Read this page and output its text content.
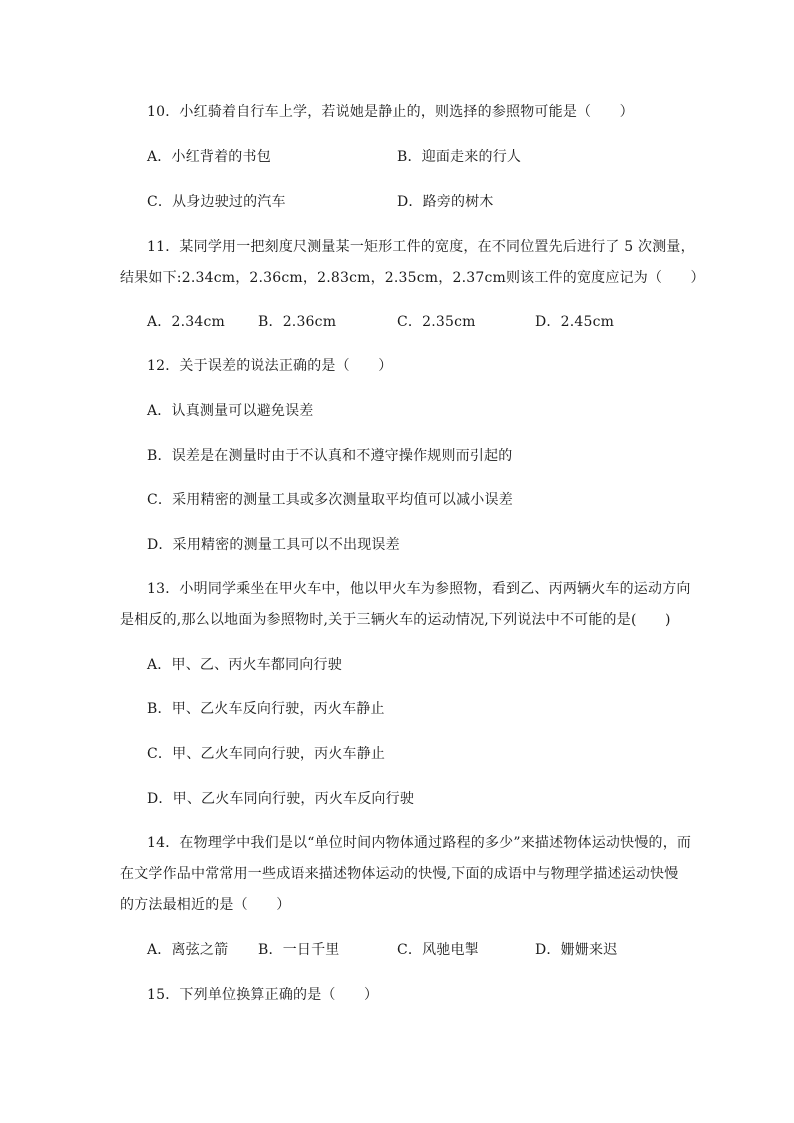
10．小红骑着自行车上学，若说她是静止的，则选择的参照物可能是（　　）
A．小红背着的书包	B．迎面走来的行人
C．从身边驶过的汽车	D．路旁的树木
11．某同学用一把刻度尺测量某一矩形工件的宽度，在不同位置先后进行了 5 次测量，
结果如下:2.34cm，2.36cm，2.83cm，2.35cm，2.37cm则该工件的宽度应记为（　　）
A．2.34cm B．2.36cm	C．2.35cm	D．2.45cm
12．关于误差的说法正确的是（　　）
A．认真测量可以避免误差
B．误差是在测量时由于不认真和不遵守操作规则而引起的
C．采用精密的测量工具或多次测量取平均值可以减小误差
D．采用精密的测量工具可以不出现误差
13．小明同学乘坐在甲火车中，他以甲火车为参照物，看到乙、丙两辆火车的运动方向
是相反的,那么以地面为参照物时,关于三辆火车的运动情况,下列说法中不可能的是(　　)
A．甲、乙、丙火车都同向行驶
B．甲、乙火车反向行驶，丙火车静止
C．甲、乙火车同向行驶，丙火车静止
D．甲、乙火车同向行驶，丙火车反向行驶
14．在物理学中我们是以“单位时间内物体通过路程的多少”来描述物体运动快慢的，而
在文学作品中常常用一些成语来描述物体运动的快慢,下面的成语中与物理学描述运动快慢
的方法最相近的是（　　）
A．离弦之箭 B．一日千里	C．风驰电掣	D．姗姗来迟
15．下列单位换算正确的是（　　）
